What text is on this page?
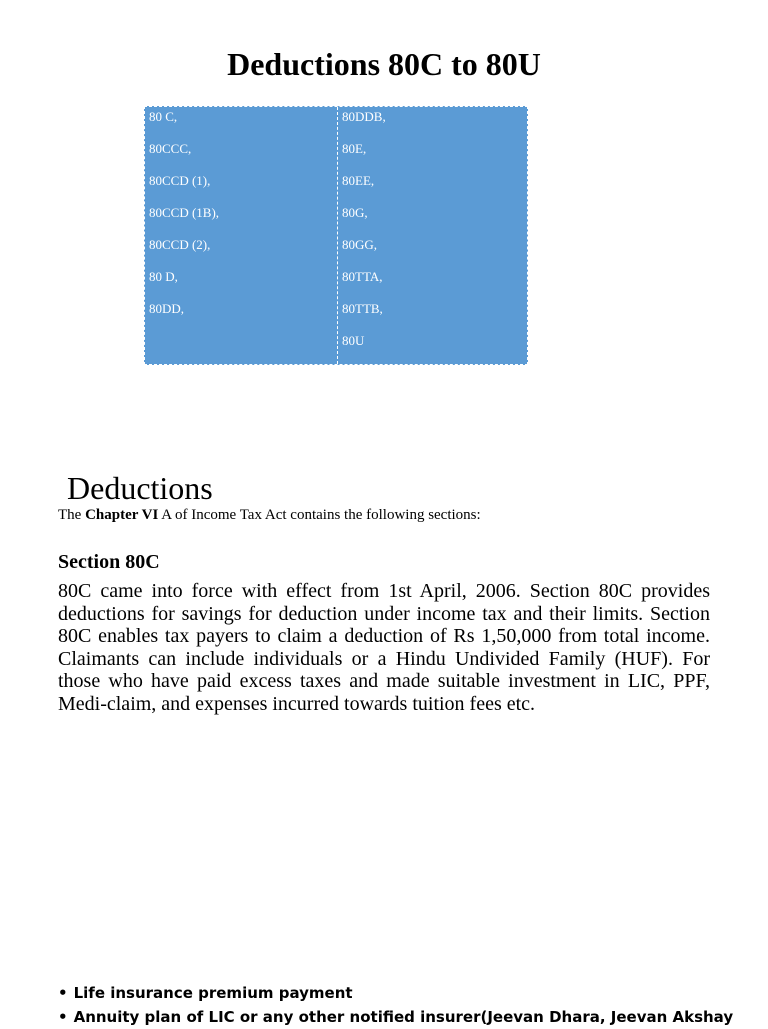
Deductions 80C to 80U
80 C,
80CCC,
80CCD (1),
80CCD (1B),
80CCD (2),
80 D,
80DD,
80DDB,
80E,
80EE,
80G,
80GG,
80TTA,
80TTB,
80U
Deductions

The Chapter VI A of Income Tax Act contains the following sections:

Section 80C

80C came into force with effect from 1st April, 2006. Section 80C provides deductions for savings for deduction under income tax and their limits. Section 80C enables tax payers to claim a deduction of Rs 1,50,000 from total income. Claimants can include individuals or a Hindu Undivided Family (HUF). For those who have paid excess taxes and made suitable investment in LIC, PPF, Medi-claim, and expenses incurred towards tuition fees etc.

• Life insurance premium payment
• Annuity plan of LIC or any other notified insurer(Jeevan Dhara, Jeevan Akshay
